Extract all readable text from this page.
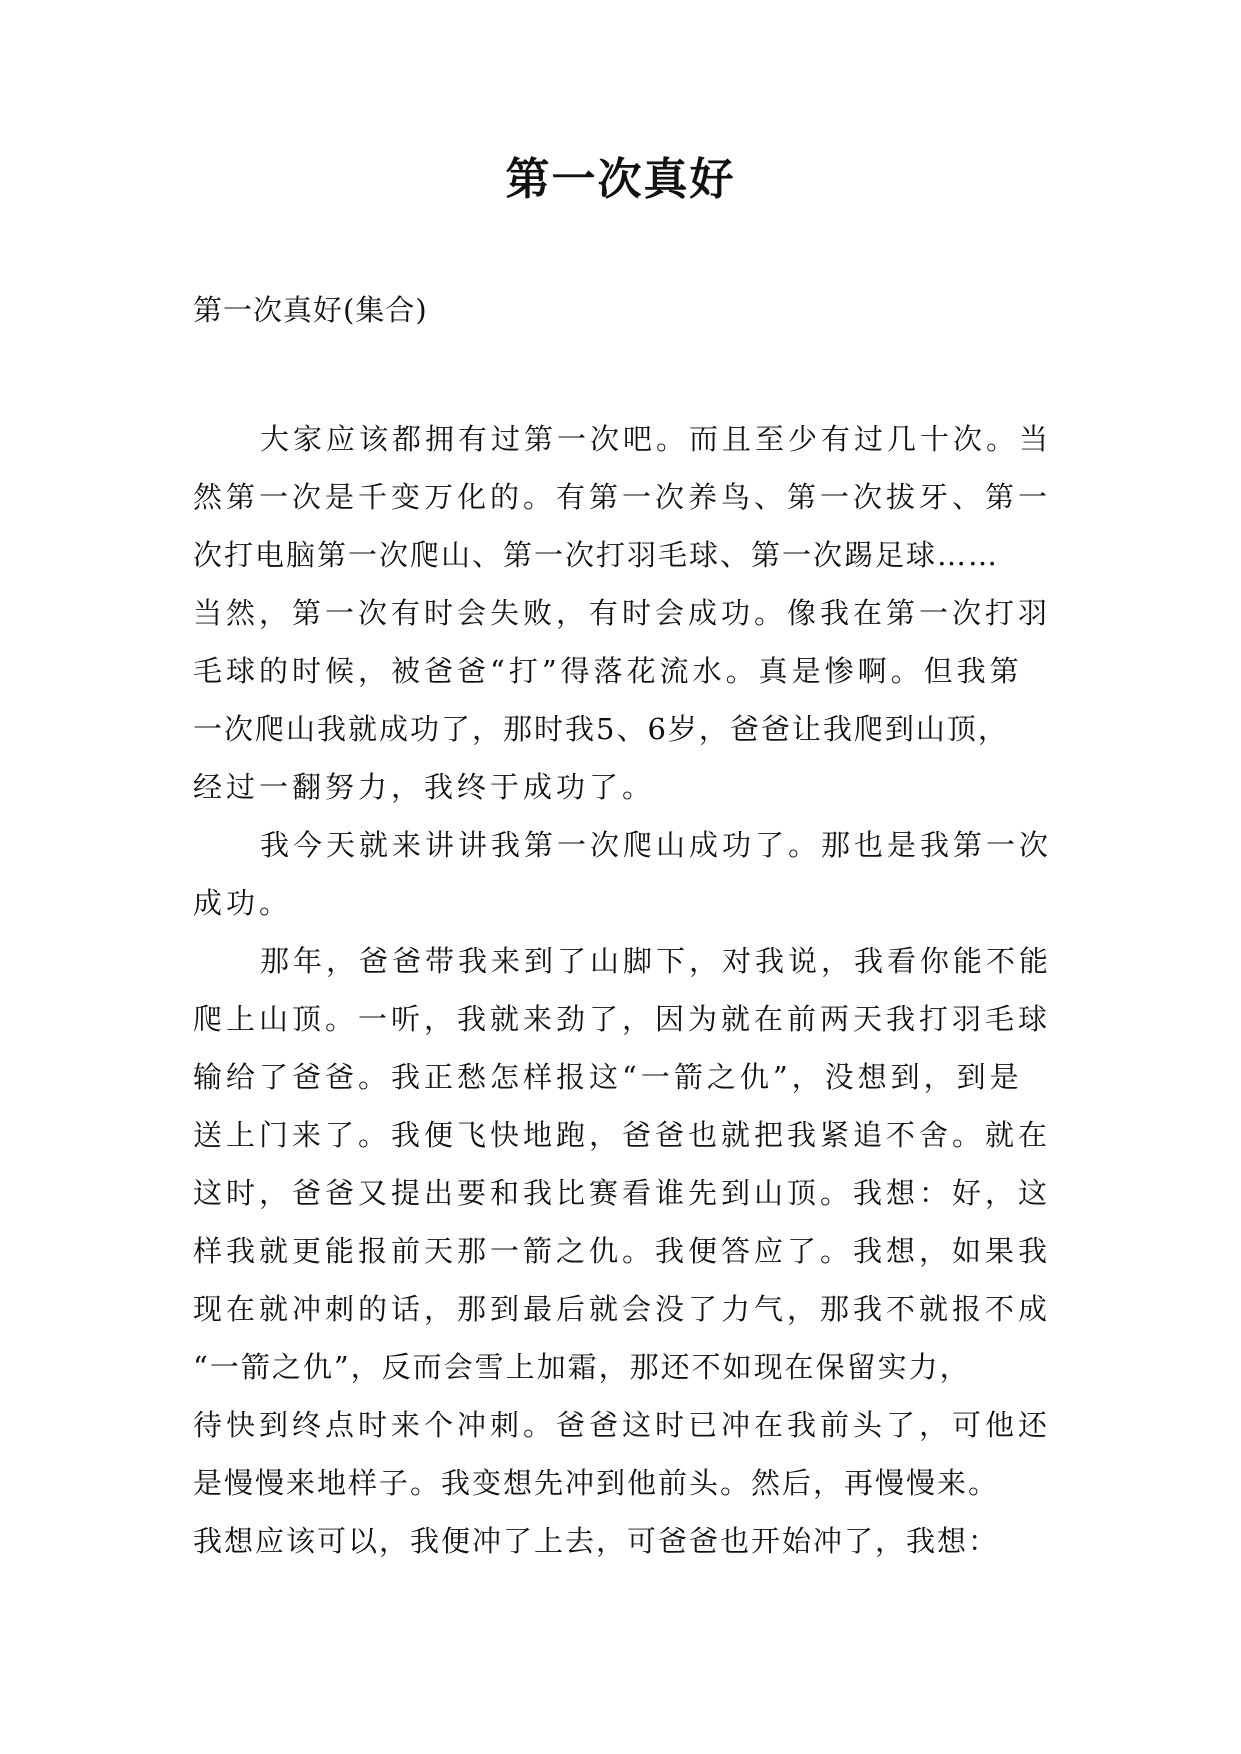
第一次真好
第一次真好(集合)
大家应该都拥有过第一次吧。而且至少有过几十次。当
然第一次是千变万化的。有第一次养鸟、第一次拔牙、第一
次打电脑第一次爬山、第一次打羽毛球、第一次踢足球……
当然，第一次有时会失败，有时会成功。像我在第一次打羽
毛球的时候，被爸爸“打”得落花流水。真是惨啊。但我第
一次爬山我就成功了，那时我5、6岁，爸爸让我爬到山顶，
经过一翻努力，我终于成功了。
我今天就来讲讲我第一次爬山成功了。那也是我第一次
成功。
那年，爸爸带我来到了山脚下，对我说，我看你能不能
爬上山顶。一听，我就来劲了，因为就在前两天我打羽毛球
输给了爸爸。我正愁怎样报这“一箭之仇”，没想到，到是
送上门来了。我便飞快地跑，爸爸也就把我紧追不舍。就在
这时，爸爸又提出要和我比赛看谁先到山顶。我想：好，这
样我就更能报前天那一箭之仇。我便答应了。我想，如果我
现在就冲刺的话，那到最后就会没了力气，那我不就报不成
“一箭之仇”，反而会雪上加霜，那还不如现在保留实力，
待快到终点时来个冲刺。爸爸这时已冲在我前头了，可他还
是慢慢来地样子。我变想先冲到他前头。然后，再慢慢来。
我想应该可以，我便冲了上去，可爸爸也开始冲了，我想：
